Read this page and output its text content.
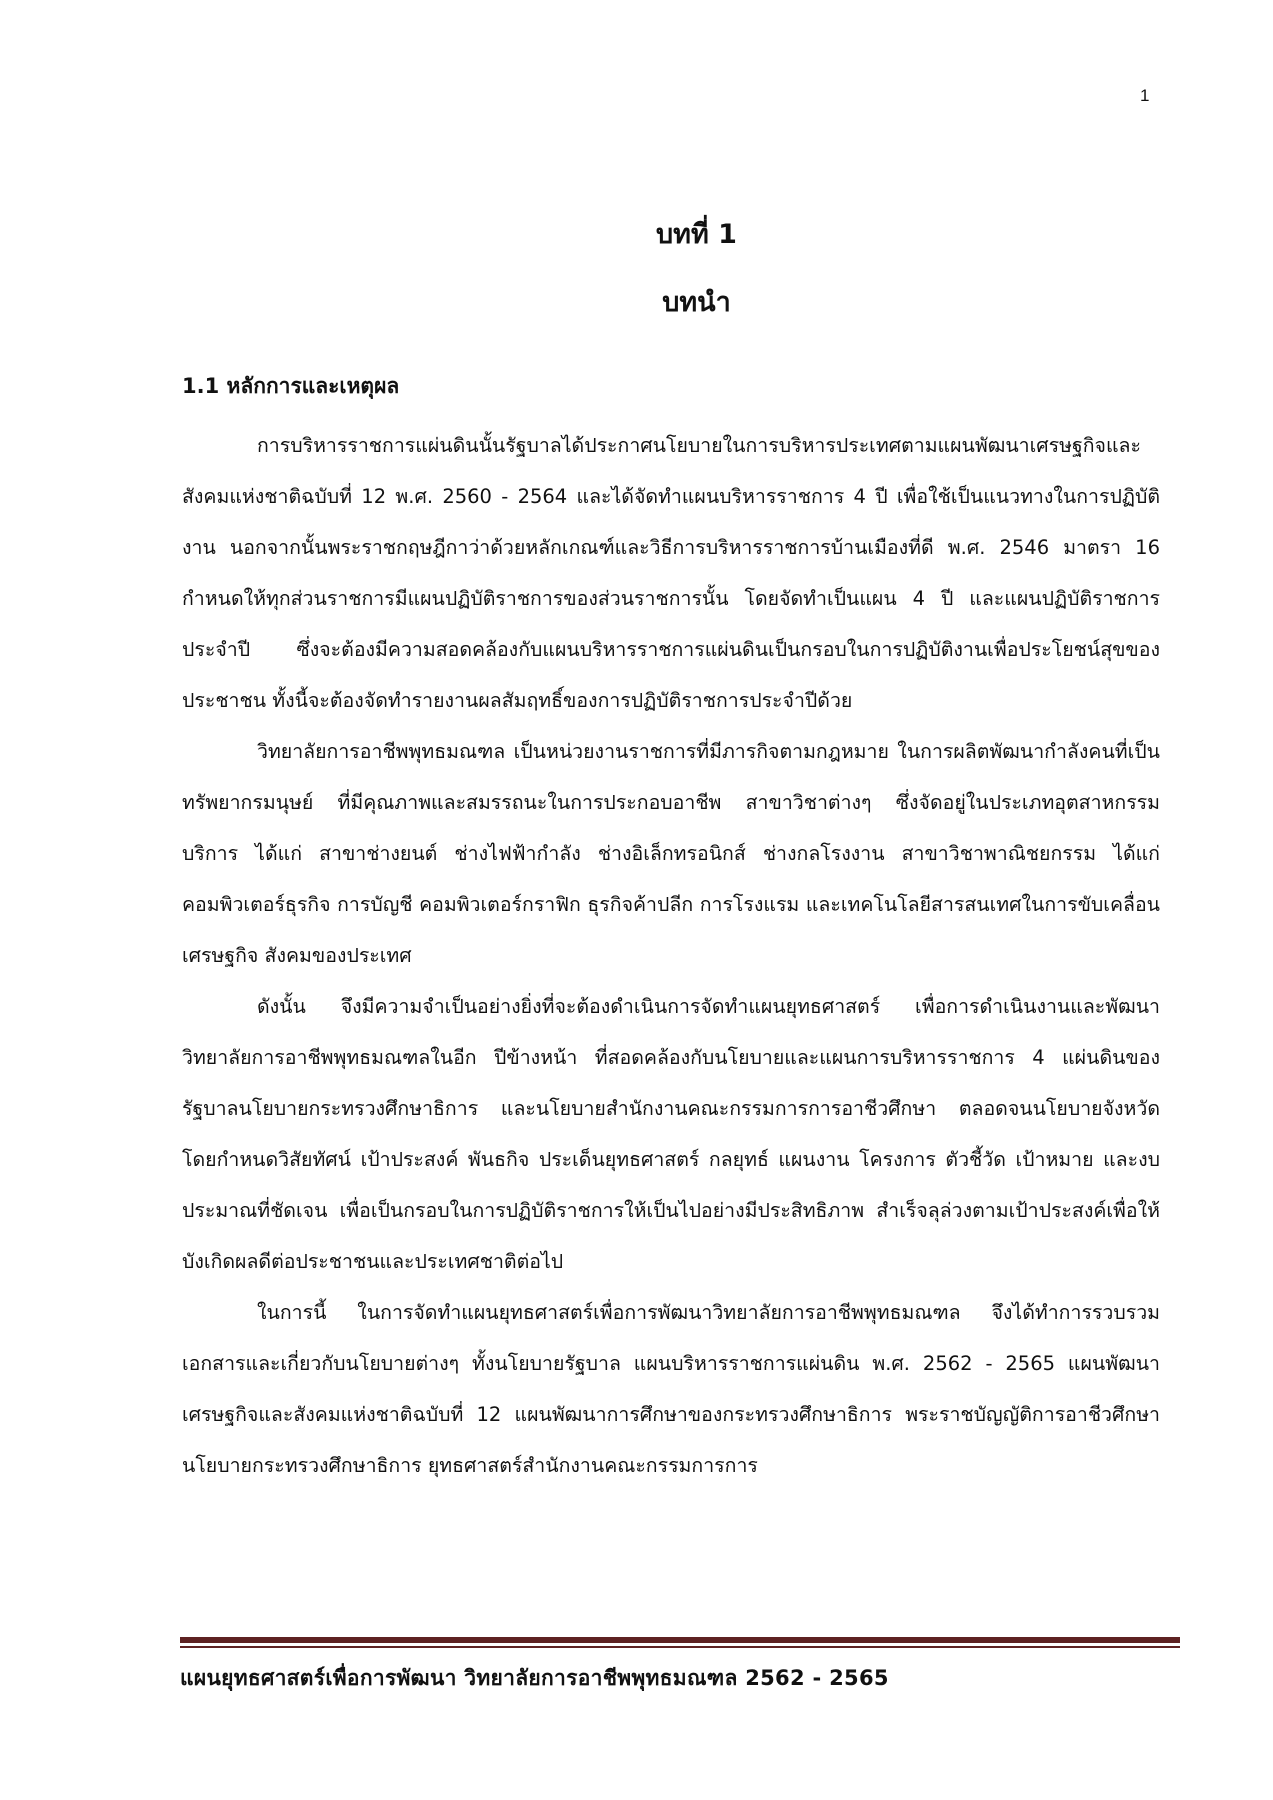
1
บทที่ 1
บทนำ
1.1 หลักการและเหตุผล

การบริหารราชการแผ่นดินนั้นรัฐบาลได้ประกาศนโยบายในการบริหารประเทศตามแผนพัฒนาเศรษฐกิจและสังคมแห่งชาติฉบับที่ 12 พ.ศ. 2560 - 2564 และได้จัดทำแผนบริหารราชการ 4 ปี เพื่อใช้เป็นแนวทางในการปฏิบัติงาน นอกจากนั้นพระราชกฤษฎีกาว่าด้วยหลักเกณฑ์และวิธีการบริหารราชการบ้านเมืองที่ดี พ.ศ. 2546 มาตรา 16 กำหนดให้ทุกส่วนราชการมีแผนปฏิบัติราชการของส่วนราชการนั้น โดยจัดทำเป็นแผน 4 ปี และแผนปฏิบัติราชการประจำปี ซึ่งจะต้องมีความสอดคล้องกับแผนบริหารราชการแผ่นดินเป็นกรอบในการปฏิบัติงานเพื่อประโยชน์สุขของประชาชน ทั้งนี้จะต้องจัดทำรายงานผลสัมฤทธิ์ของการปฏิบัติราชการประจำปีด้วย

วิทยาลัยการอาชีพพุทธมณฑล เป็นหน่วยงานราชการที่มีภารกิจตามกฎหมาย ในการผลิตพัฒนากำลังคนที่เป็นทรัพยากรมนุษย์ ที่มีคุณภาพและสมรรถนะในการประกอบอาชีพ สาขาวิชาต่างๆ ซึ่งจัดอยู่ในประเภทอุตสาหกรรมบริการ ได้แก่ สาขาช่างยนต์ ช่างไฟฟ้ากำลัง ช่างอิเล็กทรอนิกส์ ช่างกลโรงงาน สาขาวิชาพาณิชยกรรม ได้แก่ คอมพิวเตอร์ธุรกิจ การบัญชี คอมพิวเตอร์กราฟิก ธุรกิจค้าปลีก การโรงแรม และเทคโนโลยีสารสนเทศในการขับเคลื่อนเศรษฐกิจ สังคมของประเทศ

ดังนั้น จึงมีความจำเป็นอย่างยิ่งที่จะต้องดำเนินการจัดทำแผนยุทธศาสตร์ เพื่อการดำเนินงานและพัฒนาวิทยาลัยการอาชีพพุทธมณฑลในอีก ปีข้างหน้า ที่สอดคล้องกับนโยบายและแผนการบริหารราชการ 4 แผ่นดินของรัฐบาลนโยบายกระทรวงศึกษาธิการ และนโยบายสำนักงานคณะกรรมการการอาชีวศึกษา ตลอดจนนโยบายจังหวัด โดยกำหนดวิสัยทัศน์ เป้าประสงค์ พันธกิจ ประเด็นยุทธศาสตร์ กลยุทธ์ แผนงาน โครงการ ตัวชี้วัด เป้าหมาย และงบประมาณที่ชัดเจน เพื่อเป็นกรอบในการปฏิบัติราชการให้เป็นไปอย่างมีประสิทธิภาพ สำเร็จลุล่วงตามเป้าประสงค์เพื่อให้บังเกิดผลดีต่อประชาชนและประเทศชาติต่อไป

ในการนี้ ในการจัดทำแผนยุทธศาสตร์เพื่อการพัฒนาวิทยาลัยการอาชีพพุทธมณฑล จึงได้ทำการรวบรวมเอกสารและเกี่ยวกับนโยบายต่างๆ ทั้งนโยบายรัฐบาล แผนบริหารราชการแผ่นดิน พ.ศ. 2562 - 2565 แผนพัฒนาเศรษฐกิจและสังคมแห่งชาติฉบับที่ 12 แผนพัฒนาการศึกษาของกระทรวงศึกษาธิการ พระราชบัญญัติการอาชีวศึกษา นโยบายกระทรวงศึกษาธิการ ยุทธศาสตร์สำนักงานคณะกรรมการการ

แผนยุทธศาสตร์เพื่อการพัฒนา วิทยาลัยการอาชีพพุทธมณฑล 2562 - 2565
